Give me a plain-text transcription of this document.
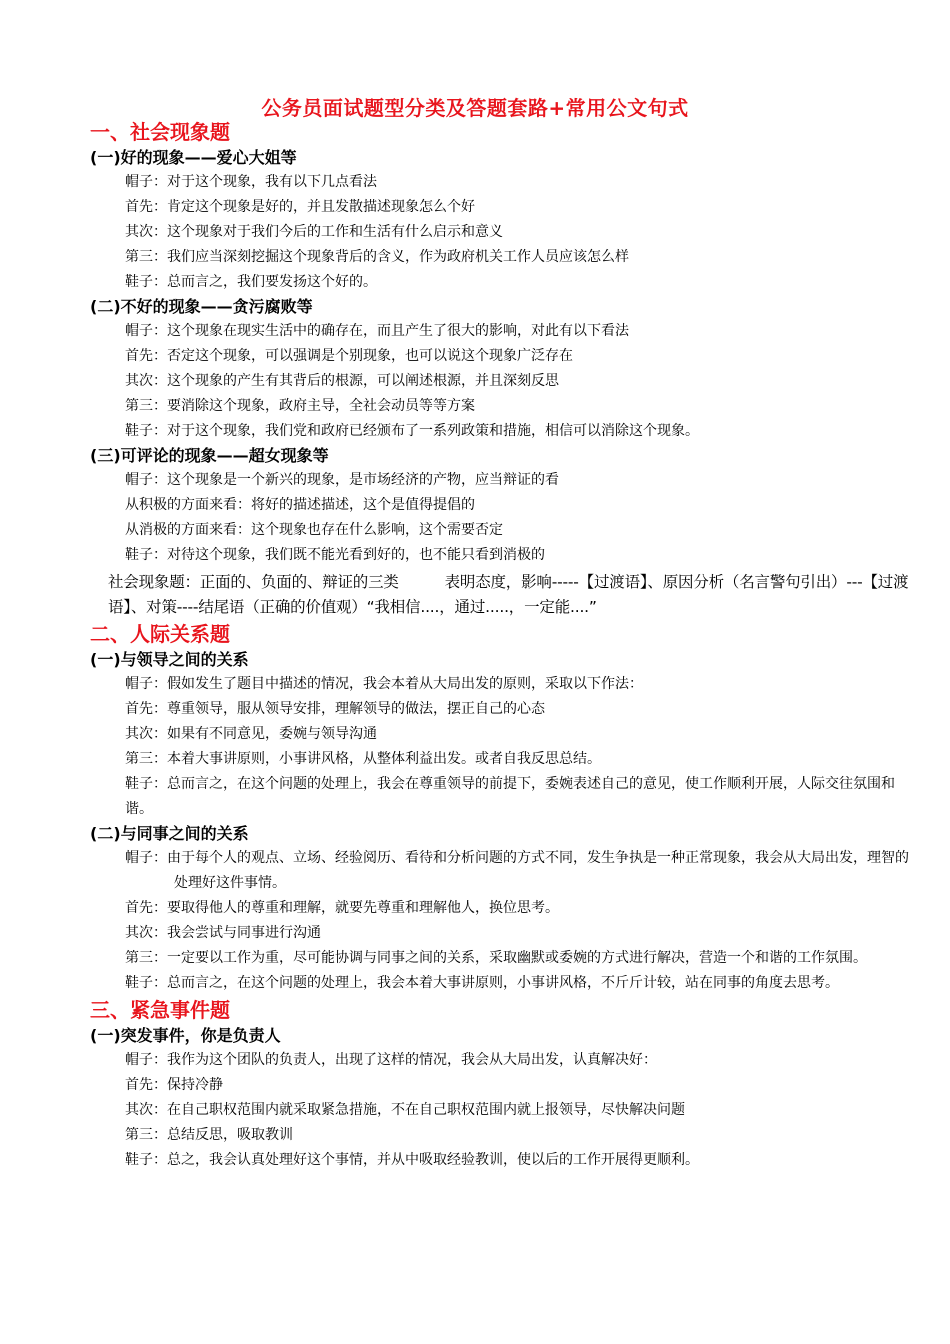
公务员面试题型分类及答题套路+常用公文句式
一、社会现象题
(一)好的现象——爱心大姐等
帽子：对于这个现象，我有以下几点看法
首先：肯定这个现象是好的，并且发散描述现象怎么个好
其次：这个现象对于我们今后的工作和生活有什么启示和意义
第三：我们应当深刻挖掘这个现象背后的含义，作为政府机关工作人员应该怎么样
鞋子：总而言之，我们要发扬这个好的。
(二)不好的现象——贪污腐败等
帽子：这个现象在现实生活中的确存在，而且产生了很大的影响，对此有以下看法
首先：否定这个现象，可以强调是个别现象，也可以说这个现象广泛存在
其次：这个现象的产生有其背后的根源，可以阐述根源，并且深刻反思
第三：要消除这个现象，政府主导，全社会动员等等方案
鞋子：对于这个现象，我们党和政府已经颁布了一系列政策和措施，相信可以消除这个现象。
(三)可评论的现象——超女现象等
帽子：这个现象是一个新兴的现象，是市场经济的产物，应当辩证的看
从积极的方面来看：将好的描述描述，这个是值得提倡的
从消极的方面来看：这个现象也存在什么影响，这个需要否定
鞋子：对待这个现象，我们既不能光看到好的，也不能只看到消极的
社会现象题：正面的、负面的、辩证的三类　　　表明态度，影响-----【过渡语】、原因分析（名言警句引出）---【过渡语】、对策----结尾语（正确的价值观）“我相信....，通过.....，一定能....”
二、人际关系题
(一)与领导之间的关系
帽子：假如发生了题目中描述的情况，我会本着从大局出发的原则，采取以下作法：
首先：尊重领导，服从领导安排，理解领导的做法，摆正自己的心态
其次：如果有不同意见，委婉与领导沟通
第三：本着大事讲原则，小事讲风格，从整体利益出发。或者自我反思总结。
鞋子：总而言之，在这个问题的处理上，我会在尊重领导的前提下，委婉表述自己的意见，使工作顺利开展，人际交往氛围和谐。
(二)与同事之间的关系
帽子：由于每个人的观点、立场、经验阅历、看待和分析问题的方式不同，发生争执是一种正常现象，我会从大局出发，理智的处理好这件事情。
首先：要取得他人的尊重和理解，就要先尊重和理解他人，换位思考。
其次：我会尝试与同事进行沟通
第三：一定要以工作为重，尽可能协调与同事之间的关系，采取幽默或委婉的方式进行解决，营造一个和谐的工作氛围。
鞋子：总而言之，在这个问题的处理上，我会本着大事讲原则，小事讲风格，不斤斤计较，站在同事的角度去思考。
三、紧急事件题
(一)突发事件，你是负责人
帽子：我作为这个团队的负责人，出现了这样的情况，我会从大局出发，认真解决好：
首先：保持冷静
其次：在自己职权范围内就采取紧急措施，不在自己职权范围内就上报领导，尽快解决问题
第三：总结反思，吸取教训
鞋子：总之，我会认真处理好这个事情，并从中吸取经验教训，使以后的工作开展得更顺利。
